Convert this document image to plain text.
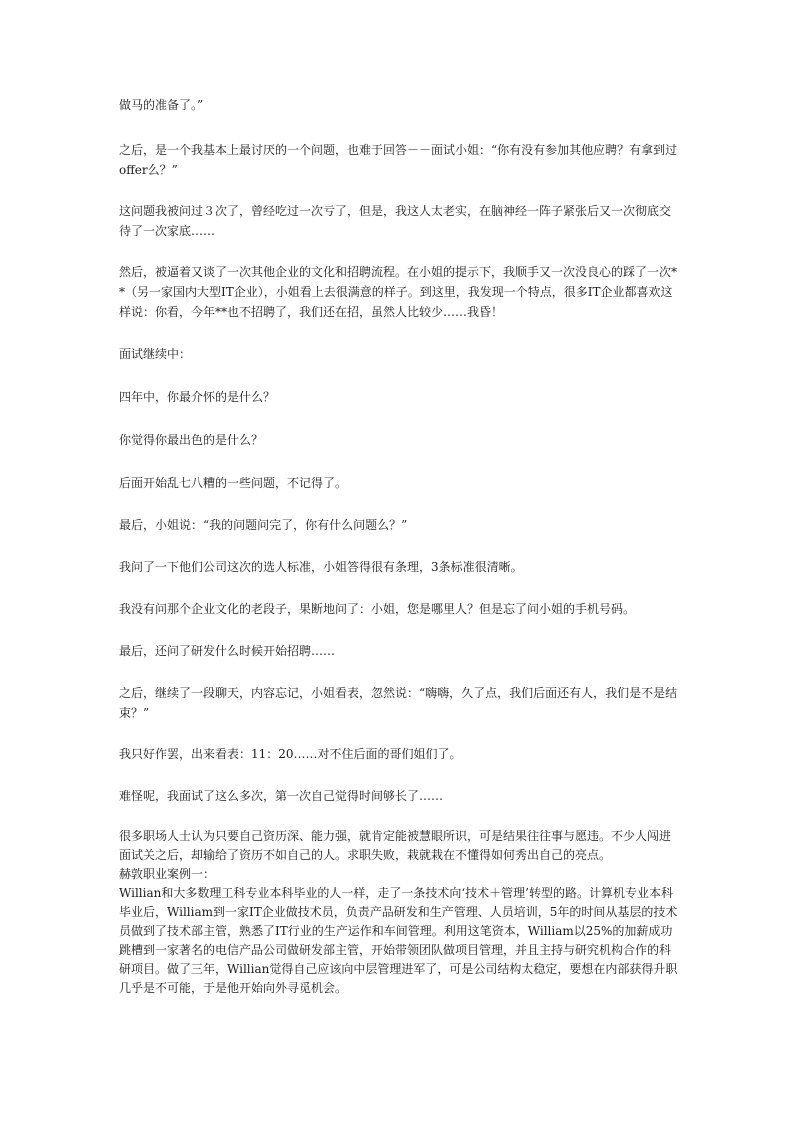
做马的准备了。”

之后，是一个我基本上最讨厌的一个问题，也难于回答－－面试小姐：“你有没有参加其他应聘？有拿到过offer么？”

这问题我被问过３次了，曾经吃过一次亏了，但是，我这人太老实，在脑神经一阵子紧张后又一次彻底交待了一次家底……

然后，被逼着又谈了一次其他企业的文化和招聘流程。在小姐的提示下，我顺手又一次没良心的踩了一次**（另一家国内大型IT企业），小姐看上去很满意的样子。到这里，我发现一个特点，很多IT企业都喜欢这样说：你看，今年**也不招聘了，我们还在招，虽然人比较少……我昏！

面试继续中：

四年中，你最介怀的是什么？

你觉得你最出色的是什么？

后面开始乱七八糟的一些问题，不记得了。

最后，小姐说：“我的问题问完了，你有什么问题么？”

我问了一下他们公司这次的选人标准，小姐答得很有条理，3条标准很清晰。

我没有问那个企业文化的老段子，果断地问了：小姐，您是哪里人？但是忘了问小姐的手机号码。

最后，还问了研发什么时候开始招聘……

之后，继续了一段聊天，内容忘记，小姐看表，忽然说：“嗨嗨，久了点，我们后面还有人，我们是不是结束？”

我只好作罢，出来看表：11：20……对不住后面的哥们姐们了。

难怪呢，我面试了这么多次，第一次自己觉得时间够长了……

很多职场人士认为只要自己资历深、能力强，就肯定能被慧眼所识，可是结果往往事与愿违。不少人闯进面试关之后，却输给了资历不如自己的人。求职失败，栽就栽在不懂得如何秀出自己的亮点。

赫敦职业案例一：

Willian和大多数理工科专业本科毕业的人一样，走了一条技术向‘技术＋管理’转型的路。计算机专业本科毕业后，William到一家IT企业做技术员，负责产品研发和生产管理、人员培训，5年的时间从基层的技术员做到了技术部主管，熟悉了IT行业的生产运作和车间管理。利用这笔资本，William以25%的加薪成功跳槽到一家著名的电信产品公司做研发部主管，开始带领团队做项目管理，并且主持与研究机构合作的科研项目。做了三年，Willian觉得自己应该向中层管理进军了，可是公司结构太稳定，要想在内部获得升职几乎是不可能，于是他开始向外寻觅机会。
